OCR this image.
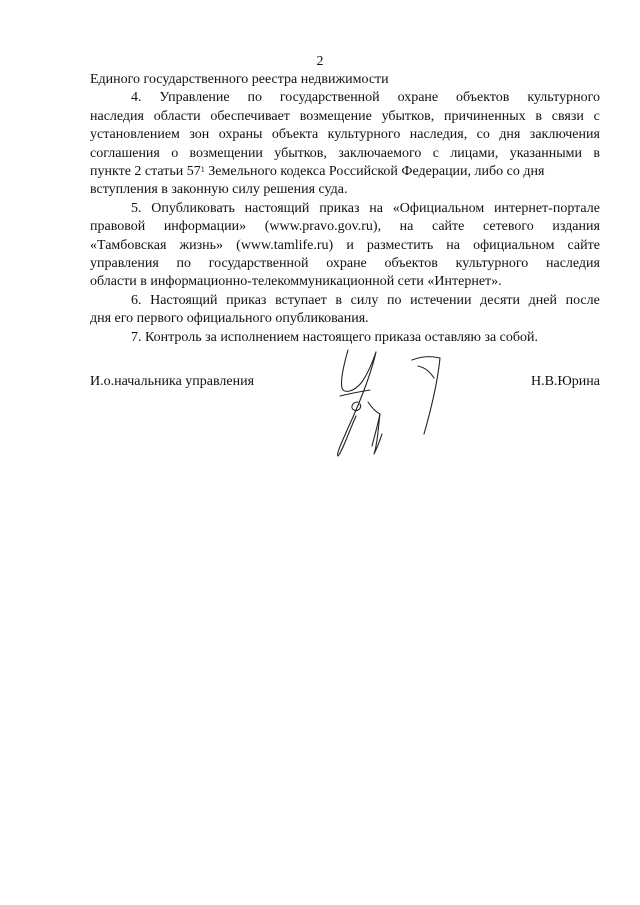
2
Единого государственного реестра недвижимости
4. Управление по государственной охране объектов культурного
наследия области обеспечивает возмещение убытков, причиненных в связи с
установлением зон охраны объекта культурного наследия, со дня заключения
соглашения о возмещении убытков, заключаемого с лицами, указанными в
пункте 2 статьи $57^1$ Земельного кодекса Российской Федерации, либо со дня
вступления в законную силу решения суда.
5. Опубликовать настоящий приказ на «Официальном интернет-портале
правовой информации» (www.pravo.gov.ru), на сайте сетевого издания
«Тамбовская жизнь» (www.tamlife.ru) и разместить на официальном сайте
управления по государственной охране объектов культурного наследия
области в информационно-телекоммуникационной сети «Интернет».
6. Настоящий приказ вступает в силу по истечении десяти дней после
дня его первого официального опубликования.
7. Контроль за исполнением настоящего приказа оставляю за собой.
И.о.начальника управления	Н.В.Юрина
